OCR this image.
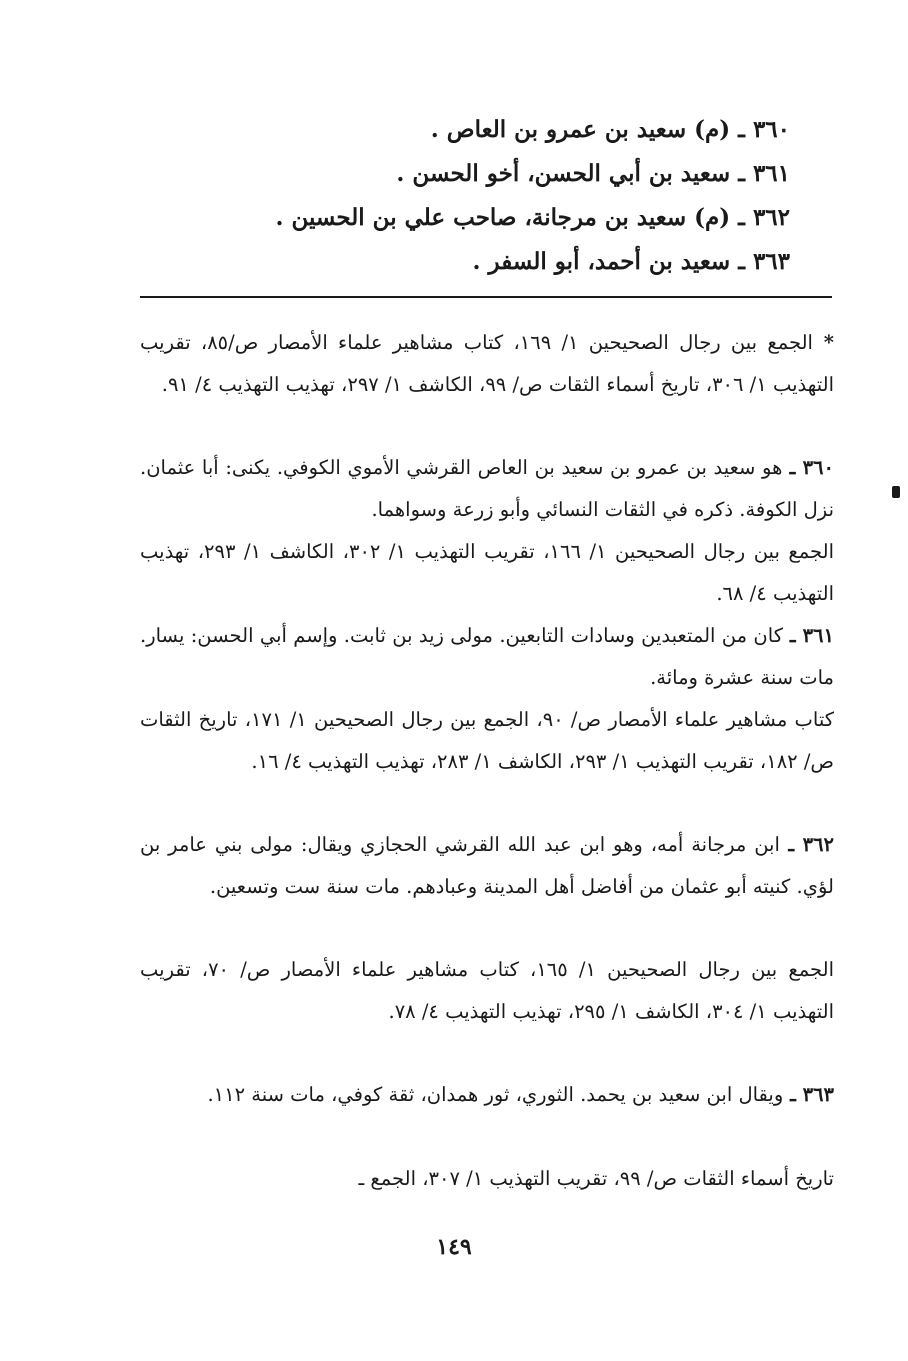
٣٦٠ ـ (م) سعيد بن عمرو بن العاص .
٣٦١ ـ سعيد بن أبي الحسن، أخو الحسن .
٣٦٢ ـ (م) سعيد بن مرجانة، صاحب علي بن الحسين .
٣٦٣ ـ سعيد بن أحمد، أبو السفر .
* الجمع بين رجال الصحيحين ١/ ١٦٩، كتاب مشاهير علماء الأمصار ص/٨٥، تقريب التهذيب ١/ ٣٠٦، تاريخ أسماء الثقات ص/ ٩٩، الكاشف ١/ ٢٩٧، تهذيب التهذيب ٤/ ٩١.
٣٦٠ ـ هو سعيد بن عمرو بن سعيد بن العاص القرشي الأموي الكوفي. يكنى: أبا عثمان. نزل الكوفة. ذكره في الثقات النسائي وأبو زرعة وسواهما.
الجمع بين رجال الصحيحين ١/ ١٦٦، تقريب التهذيب ١/ ٣٠٢، الكاشف ١/ ٢٩٣، تهذيب التهذيب ٤/ ٦٨.
٣٦١ ـ كان من المتعبدين وسادات التابعين. مولى زيد بن ثابت. وإسم أبي الحسن: يسار. مات سنة عشرة ومائة.
كتاب مشاهير علماء الأمصار ص/ ٩٠، الجمع بين رجال الصحيحين ١/ ١٧١، تاريخ الثقات ص/ ١٨٢، تقريب التهذيب ١/ ٢٩٣، الكاشف ١/ ٢٨٣، تهذيب التهذيب ٤/ ١٦.
٣٦٢ ـ ابن مرجانة أمه، وهو ابن عبد الله القرشي الحجازي ويقال: مولى بني عامر بن لؤي. كنيته أبو عثمان من أفاضل أهل المدينة وعبادهم. مات سنة ست وتسعين.
الجمع بين رجال الصحيحين ١/ ١٦٥، كتاب مشاهير علماء الأمصار ص/ ٧٠، تقريب التهذيب ١/ ٣٠٤، الكاشف ١/ ٢٩٥، تهذيب التهذيب ٤/ ٧٨.
٣٦٣ ـ ويقال ابن سعيد بن يحمد. الثوري، ثور همدان، ثقة كوفي، مات سنة ١١٢.
تاريخ أسماء الثقات ص/ ٩٩، تقريب التهذيب ١/ ٣٠٧، الجمع ـ
١٤٩
